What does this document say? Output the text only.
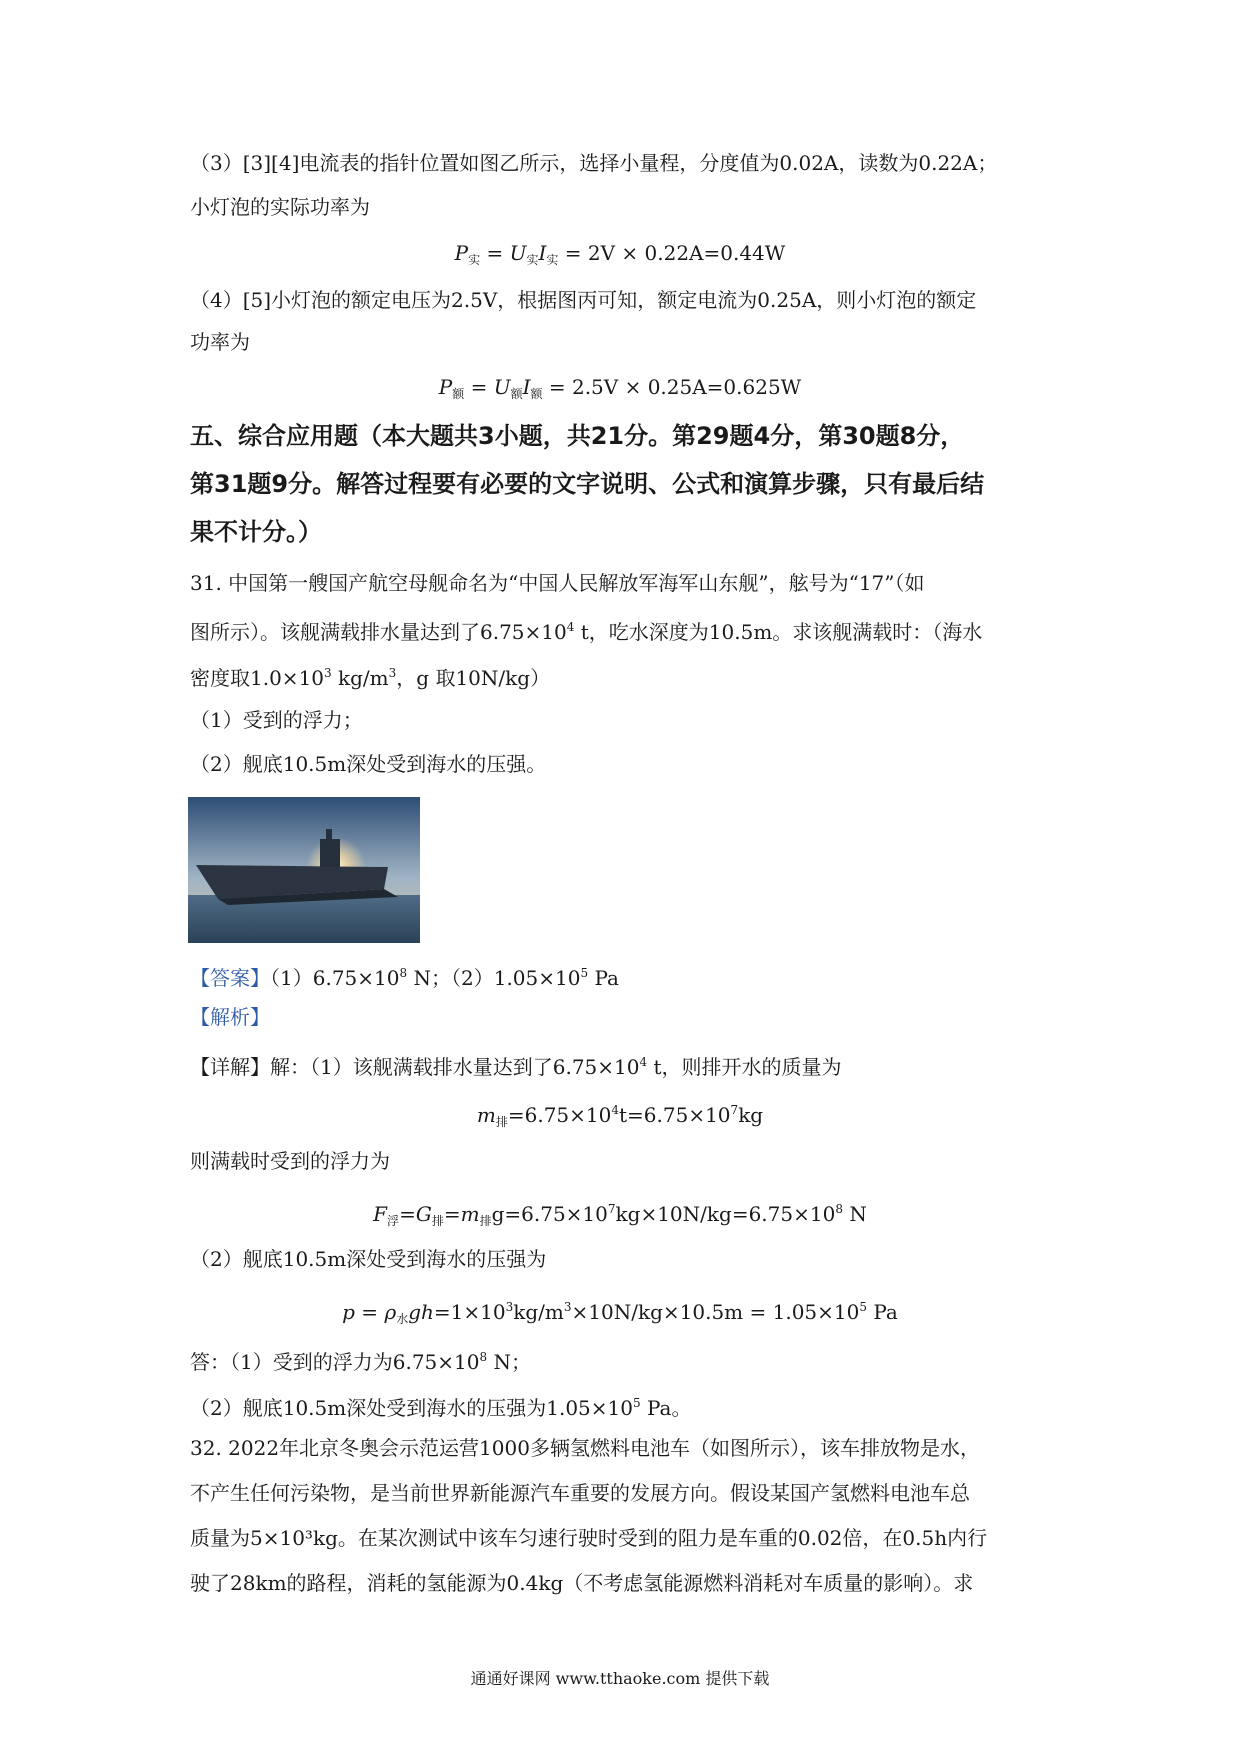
（3）[3][4]电流表的指针位置如图乙所示，选择小量程，分度值为0.02A，读数为0.22A；
小灯泡的实际功率为
$P_实 = U_实I_实 = 2V \times 0.22A=0.44W$
（4）[5]小灯泡的额定电压为2.5V，根据图丙可知，额定电流为0.25A，则小灯泡的额定
功率为
$P_额 = U_额I_额 = 2.5V \times 0.25A=0.625W$
五、综合应用题（本大题共3小题，共21分。第29题4分，第30题8分，
第31题9分。解答过程要有必要的文字说明、公式和演算步骤，只有最后结
果不计分。）
31. 中国第一艘国产航空母舰命名为“中国人民解放军海军山东舰”，舷号为“17”（如
图所示）。该舰满载排水量达到了$6.75\times 10^4$ t，吃水深度为10.5m。求该舰满载时：（海水
密度取$1.0\times 10^3$ $kg/m^3$，g 取10N/kg）
（1）受到的浮力；
（2）舰底10.5m深处受到海水的压强。
【答案】$(1)6.75\times 10^8$ N；$(2)1.05\times 10^5$ Pa
【解析】
【详解】解：（1）该舰满载排水量达到了$6.75\times 10^4$ t，则排开水的质量为
$m_排=6.75\times 10^4t=6.75\times 10^7kg$
则满载时受到的浮力为
$F_浮=G_排=m_排g=6.75\times 10^7kg\times 10N/kg=6.75\times 10^8$ N
（2）舰底10.5m深处受到海水的压强为
$p = \rho_水gh=1\times 10^3kg/m^3\times 10N/kg\times 10.5m = 1.05\times 10^5$ Pa
答：（1）受到的浮力为$6.75\times 10^8$ N；
（2）舰底10.5m深处受到海水的压强为$1.05\times 10^5$ Pa。
32. 2022年北京冬奥会示范运营1000多辆氢燃料电池车（如图所示），该车排放物是水，
不产生任何污染物，是当前世界新能源汽车重要的发展方向。假设某国产氢燃料电池车总
质量为5×10³kg。在某次测试中该车匀速行驶时受到的阻力是车重的0.02倍，在0.5h内行
驶了28km的路程，消耗的氢能源为0.4kg（不考虑氢能源燃料消耗对车质量的影响）。求
通通好课网 www.tthaoke.com 提供下载
